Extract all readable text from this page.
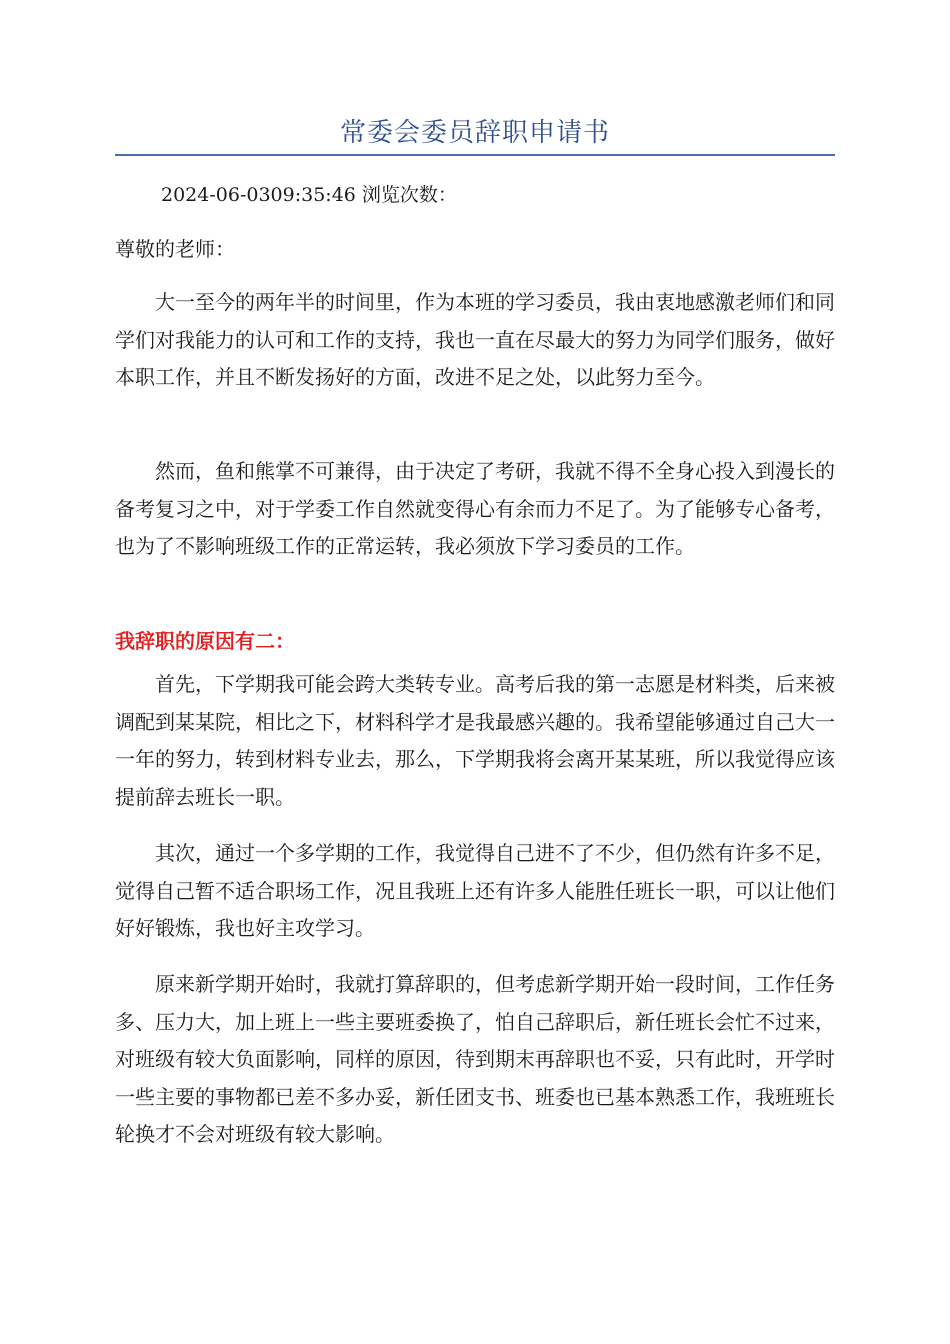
常委会委员辞职申请书
2024-06-0309:35:46 浏览次数：
尊敬的老师：

大一至今的两年半的时间里，作为本班的学习委员，我由衷地感激老师们和同学们对我能力的认可和工作的支持，我也一直在尽最大的努力为同学们服务，做好本职工作，并且不断发扬好的方面，改进不足之处，以此努力至今。

然而，鱼和熊掌不可兼得，由于决定了考研，我就不得不全身心投入到漫长的备考复习之中，对于学委工作自然就变得心有余而力不足了。为了能够专心备考，也为了不影响班级工作的正常运转，我必须放下学习委员的工作。

我辞职的原因有二：

首先，下学期我可能会跨大类转专业。高考后我的第一志愿是材料类，后来被调配到某某院，相比之下，材料科学才是我最感兴趣的。我希望能够通过自己大一一年的努力，转到材料专业去，那么，下学期我将会离开某某班，所以我觉得应该提前辞去班长一职。

其次，通过一个多学期的工作，我觉得自己进不了不少，但仍然有许多不足，觉得自己暂不适合职场工作，况且我班上还有许多人能胜任班长一职，可以让他们好好锻炼，我也好主攻学习。

原来新学期开始时，我就打算辞职的，但考虑新学期开始一段时间，工作任务多、压力大，加上班上一些主要班委换了，怕自己辞职后，新任班长会忙不过来，对班级有较大负面影响，同样的原因，待到期末再辞职也不妥，只有此时，开学时一些主要的事物都已差不多办妥，新任团支书、班委也已基本熟悉工作，我班班长轮换才不会对班级有较大影响。
